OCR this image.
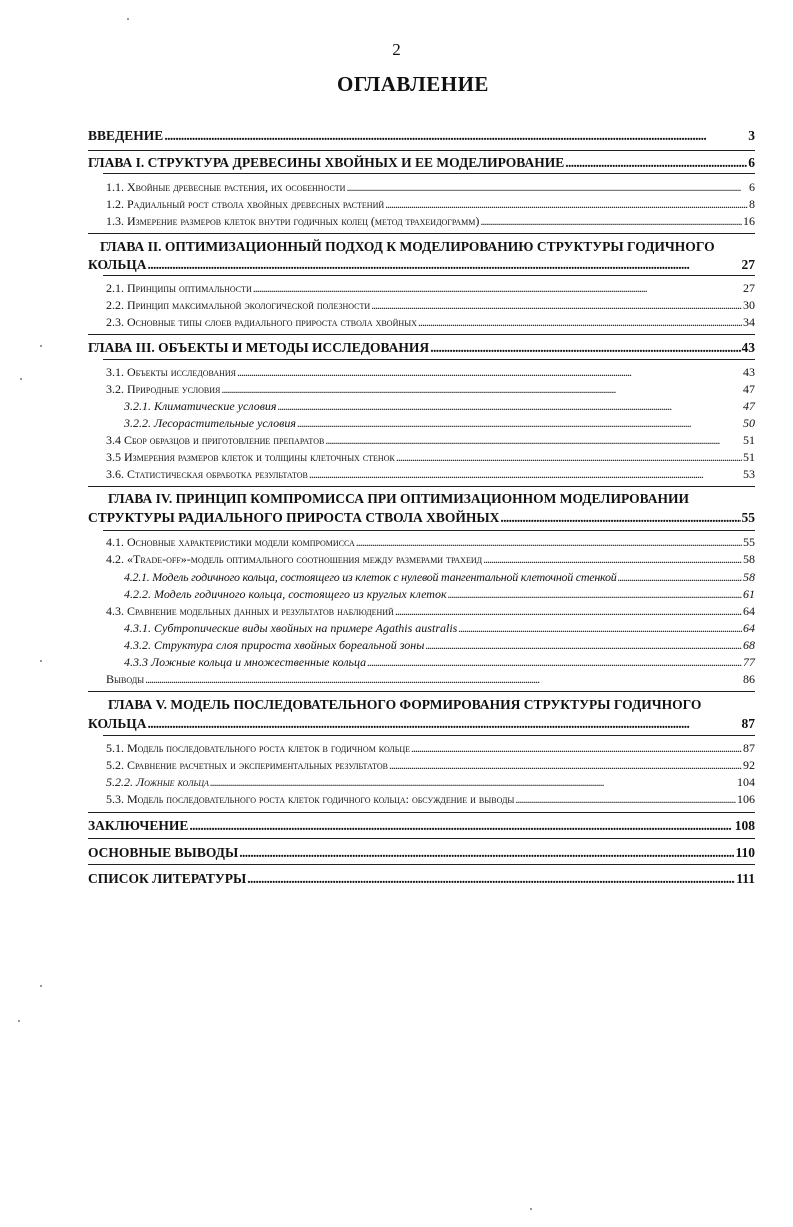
2
ОГЛАВЛЕНИЕ
ВВЕДЕНИЕ . . .	3
ГЛАВА I. СТРУКТУРА ДРЕВЕСИНЫ ХВОЙНЫХ И ЕЕ МОДЕЛИРОВАНИЕ . . .	6
1.1. Хвойные древесные растения, их особенности . . .	6
1.2. Радиальный рост ствола хвойных древесных растений . . .	8
1.3. Измерение размеров клеток внутри годичных колец (метод трахеидограмм) . . .	16
ГЛАВА II. ОПТИМИЗАЦИОННЫЙ ПОДХОД К МОДЕЛИРОВАНИЮ СТРУКТУРЫ ГОДИЧНОГО
КОЛЬЦА . . .	27
2.1. Принципы оптимальности . . .	27
2.2. Принцип максимальной экологической полезности . . .	30
2.3. Основные типы слоев радиального прироста ствола хвойных . . .	34
ГЛАВА III. ОБЪЕКТЫ И МЕТОДЫ ИССЛЕДОВАНИЯ . . .	43
3.1. Объекты исследования . . .	43
3.2. Природные условия . . .	47
3.2.1. Климатические условия . . .	47
3.2.2. Лесорастительные условия . . .	50
3.4 Сбор образцов и приготовление препаратов . . .	51
3.5 Измерения размеров клеток и толщины клеточных стенок . . .	51
3.6. Статистическая обработка результатов . . .	53
ГЛАВА IV. ПРИНЦИП КОМПРОМИССА ПРИ ОПТИМИЗАЦИОННОМ МОДЕЛИРОВАНИИ
СТРУКТУРЫ РАДИАЛЬНОГО ПРИРОСТА СТВОЛА ХВОЙНЫХ . . .	55
4.1. Основные характеристики модели компромисса . . .	55
4.2. «Trade-off»-модель оптимального соотношения между размерами трахеид . . .	58
4.2.1. Модель годичного кольца, состоящего из клеток с нулевой тангентальной клеточной стенкой . . .	58
4.2.2. Модель годичного кольца, состоящего из круглых клеток . . .	61
4.3. Сравнение модельных данных и результатов наблюдений . . .	64
4.3.1. Субтропические виды хвойных на примере Agathis australis . . .	64
4.3.2. Структура слоя прироста хвойных бореальной зоны . . .	68
4.3.3 Ложные кольца и множественные кольца . . .	77
Выводы . . .	86
ГЛАВА V. МОДЕЛЬ ПОСЛЕДОВАТЕЛЬНОГО ФОРМИРОВАНИЯ СТРУКТУРЫ ГОДИЧНОГО
КОЛЬЦА . . .	87
5.1. Модель последовательного роста клеток в годичном кольце . . .	87
5.2. Сравнение расчетных и экспериментальных результатов . . .	92
5.2.2. Ложные кольца . . .	104
5.3. Модель последовательного роста клеток годичного кольца: обсуждение и выводы . . .	106
ЗАКЛЮЧЕНИЕ . . .	108
ОСНОВНЫЕ ВЫВОДЫ . . .	110
СПИСОК ЛИТЕРАТУРЫ . . .	111
